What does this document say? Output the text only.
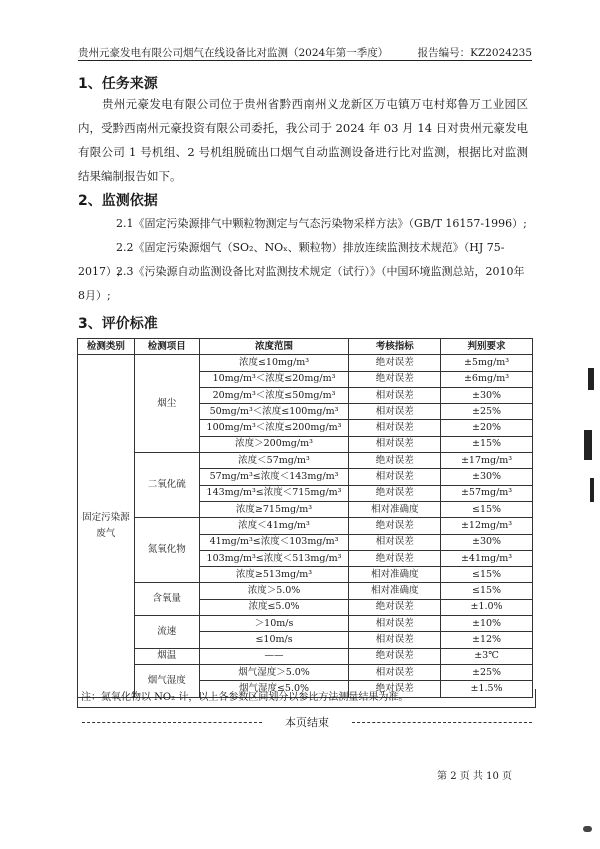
贵州元豪发电有限公司烟气在线设备比对监测（2024年第一季度）	报告编号：KZ2024235
1、任务来源

贵州元豪发电有限公司位于贵州省黔西南州义龙新区万屯镇万屯村郑鲁万工业园区内，受黔西南州元豪投资有限公司委托，我公司于 2024 年 03 月 14 日对贵州元豪发电有限公司 1 号机组、2 号机组脱硫出口烟气自动监测设备进行比对监测，根据比对监测结果编制报告如下。

2、监测依据

2.1《固定污染源排气中颗粒物测定与气态污染物采样方法》（GB/T 16157-1996）;

2.2《固定污染源烟气（SO₂、NOₓ、颗粒物）排放连续监测技术规范》（HJ 75-2017）;

2.3《污染源自动监测设备比对监测技术规定（试行）》（中国环境监测总站，2010年8月）;

3、评价标准
检测类别	检测项目	浓度范围	考核指标	判别要求
固定污染源废气	烟尘	浓度≤10mg/m³	绝对误差	±5mg/m³
		10mg/m³＜浓度≤20mg/m³	绝对误差	±6mg/m³
		20mg/m³＜浓度≤50mg/m³	相对误差	±30%
		50mg/m³＜浓度≤100mg/m³	相对误差	±25%
		100mg/m³＜浓度≤200mg/m³	相对误差	±20%
		浓度＞200mg/m³	相对误差	±15%
	二氧化硫	浓度＜57mg/m³	绝对误差	±17mg/m³
		57mg/m³≤浓度＜143mg/m³	相对误差	±30%
		143mg/m³≤浓度＜715mg/m³	绝对误差	±57mg/m³
		浓度≥715mg/m³	相对准确度	≤15%
	氮氧化物	浓度＜41mg/m³	绝对误差	±12mg/m³
		41mg/m³≤浓度＜103mg/m³	相对误差	±30%
		103mg/m³≤浓度＜513mg/m³	绝对误差	±41mg/m³
		浓度≥513mg/m³	相对准确度	≤15%
	含氧量	浓度＞5.0%	相对准确度	≤15%
		浓度≤5.0%	绝对误差	±1.0%
	流速	＞10m/s	相对误差	±10%
		≤10m/s	相对误差	±12%
	烟温	——	绝对误差	±3℃
	烟气湿度	烟气湿度＞5.0%	相对误差	±25%
		烟气湿度≤5.0%	绝对误差	±1.5%
注：氮氧化物以 NO₂ 计，以上各参数区间划分以参比方法测量结果为准。
本页结束
第 2 页 共 10 页
